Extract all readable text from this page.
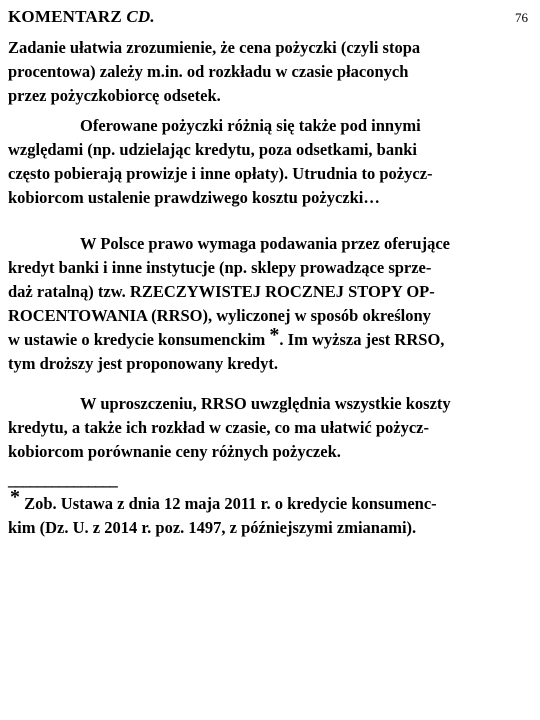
KOMENTARZ CD.	76
Zadanie ułatwia zrozumienie, że cena pożyczki (czyli stopa
procentowa) zależy m.in. od rozkładu w czasie płaconych
przez pożyczkobiorcę odsetek.
Oferowane pożyczki różnią się także pod innymi
względami (np. udzielając kredytu, poza odsetkami, banki
często pobierają prowizje i inne opłaty). Utrudnia to pożycz-
kobiorcom ustalenie prawdziwego kosztu pożyczki…
W Polsce prawo wymaga podawania przez oferujące
kredyt banki i inne instytucje (np. sklepy prowadzące sprze-
daż ratalną) tzw. RZECZYWISTEJ ROCZNEJ STOPY OP-
ROCENTOWANIA (RRSO), wyliczonej w sposób określony
w ustawie o kredycie konsumenckim *. Im wyższa jest RRSO,
tym droższy jest proponowany kredyt.
W uproszczeniu, RRSO uwzględnia wszystkie koszty
kredytu, a także ich rozkład w czasie, co ma ułatwić pożycz-
kobiorcom porównanie ceny różnych pożyczek.
_______________
* Zob. Ustawa z dnia 12 maja 2011 r. o kredycie konsumenc-
kim (Dz. U. z 2014 r. poz. 1497, z późniejszymi zmianami).
